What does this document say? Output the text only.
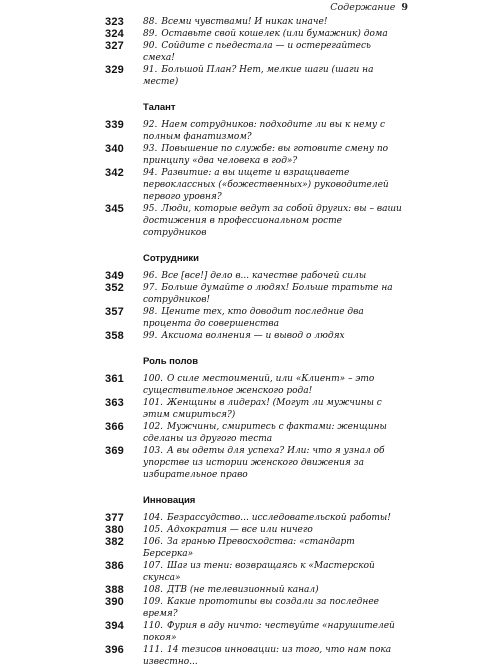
Содержание 9
323 88. Всеми чувствами! И никак иначе!
324 89. Оставьте свой кошелек (или бумажник) дома
327 90. Сойдите с пьедестала — и остерегайтесь смеха!
329 91. Большой План? Нет, мелкие шаги (шаги на месте)
Талант
339 92. Наем сотрудников: подходите ли вы к нему с полным фанатизмом?
340 93. Повышение по службе: вы готовите смену по принципу «два человека в год»?
342 94. Развитие: а вы ищете и взращиваете первоклассных («божественных») руководителей первого уровня?
345 95. Люди, которые ведут за собой других: вы – ваши достижения в профессиональном росте сотрудников
Сотрудники
349 96. Все [все!] дело в... качестве рабочей силы
352 97. Больше думайте о людях! Больше тратьте на сотрудников!
357 98. Цените тех, кто доводит последние два процента до совершенства
358 99. Аксиома волнения — и вывод о людях
Роль полов
361 100. О силе местоимений, или «Клиент» – это существительное женского рода!
363 101. Женщины в лидерах! (Могут ли мужчины с этим смириться?)
366 102. Мужчины, смиритесь с фактами: женщины сделаны из другого теста
369 103. А вы одеты для успеха? Или: что я узнал об упорстве из истории женского движения за избирательное право
Инновация
377 104. Безрассудство... исследовательской работы!
380 105. Адхократия — все или ничего
382 106. За гранью Превосходства: «стандарт Берсерка»
386 107. Шаг из тени: возвращаясь к «Мастерской скунса»
388 108. ДТВ (не телевизионный канал)
390 109. Какие прототипы вы создали за последнее время?
394 110. Фурия в аду ничто: чествуйте «нарушителей покоя»
396 111. 14 тезисов инновации: из того, что нам пока известно...
